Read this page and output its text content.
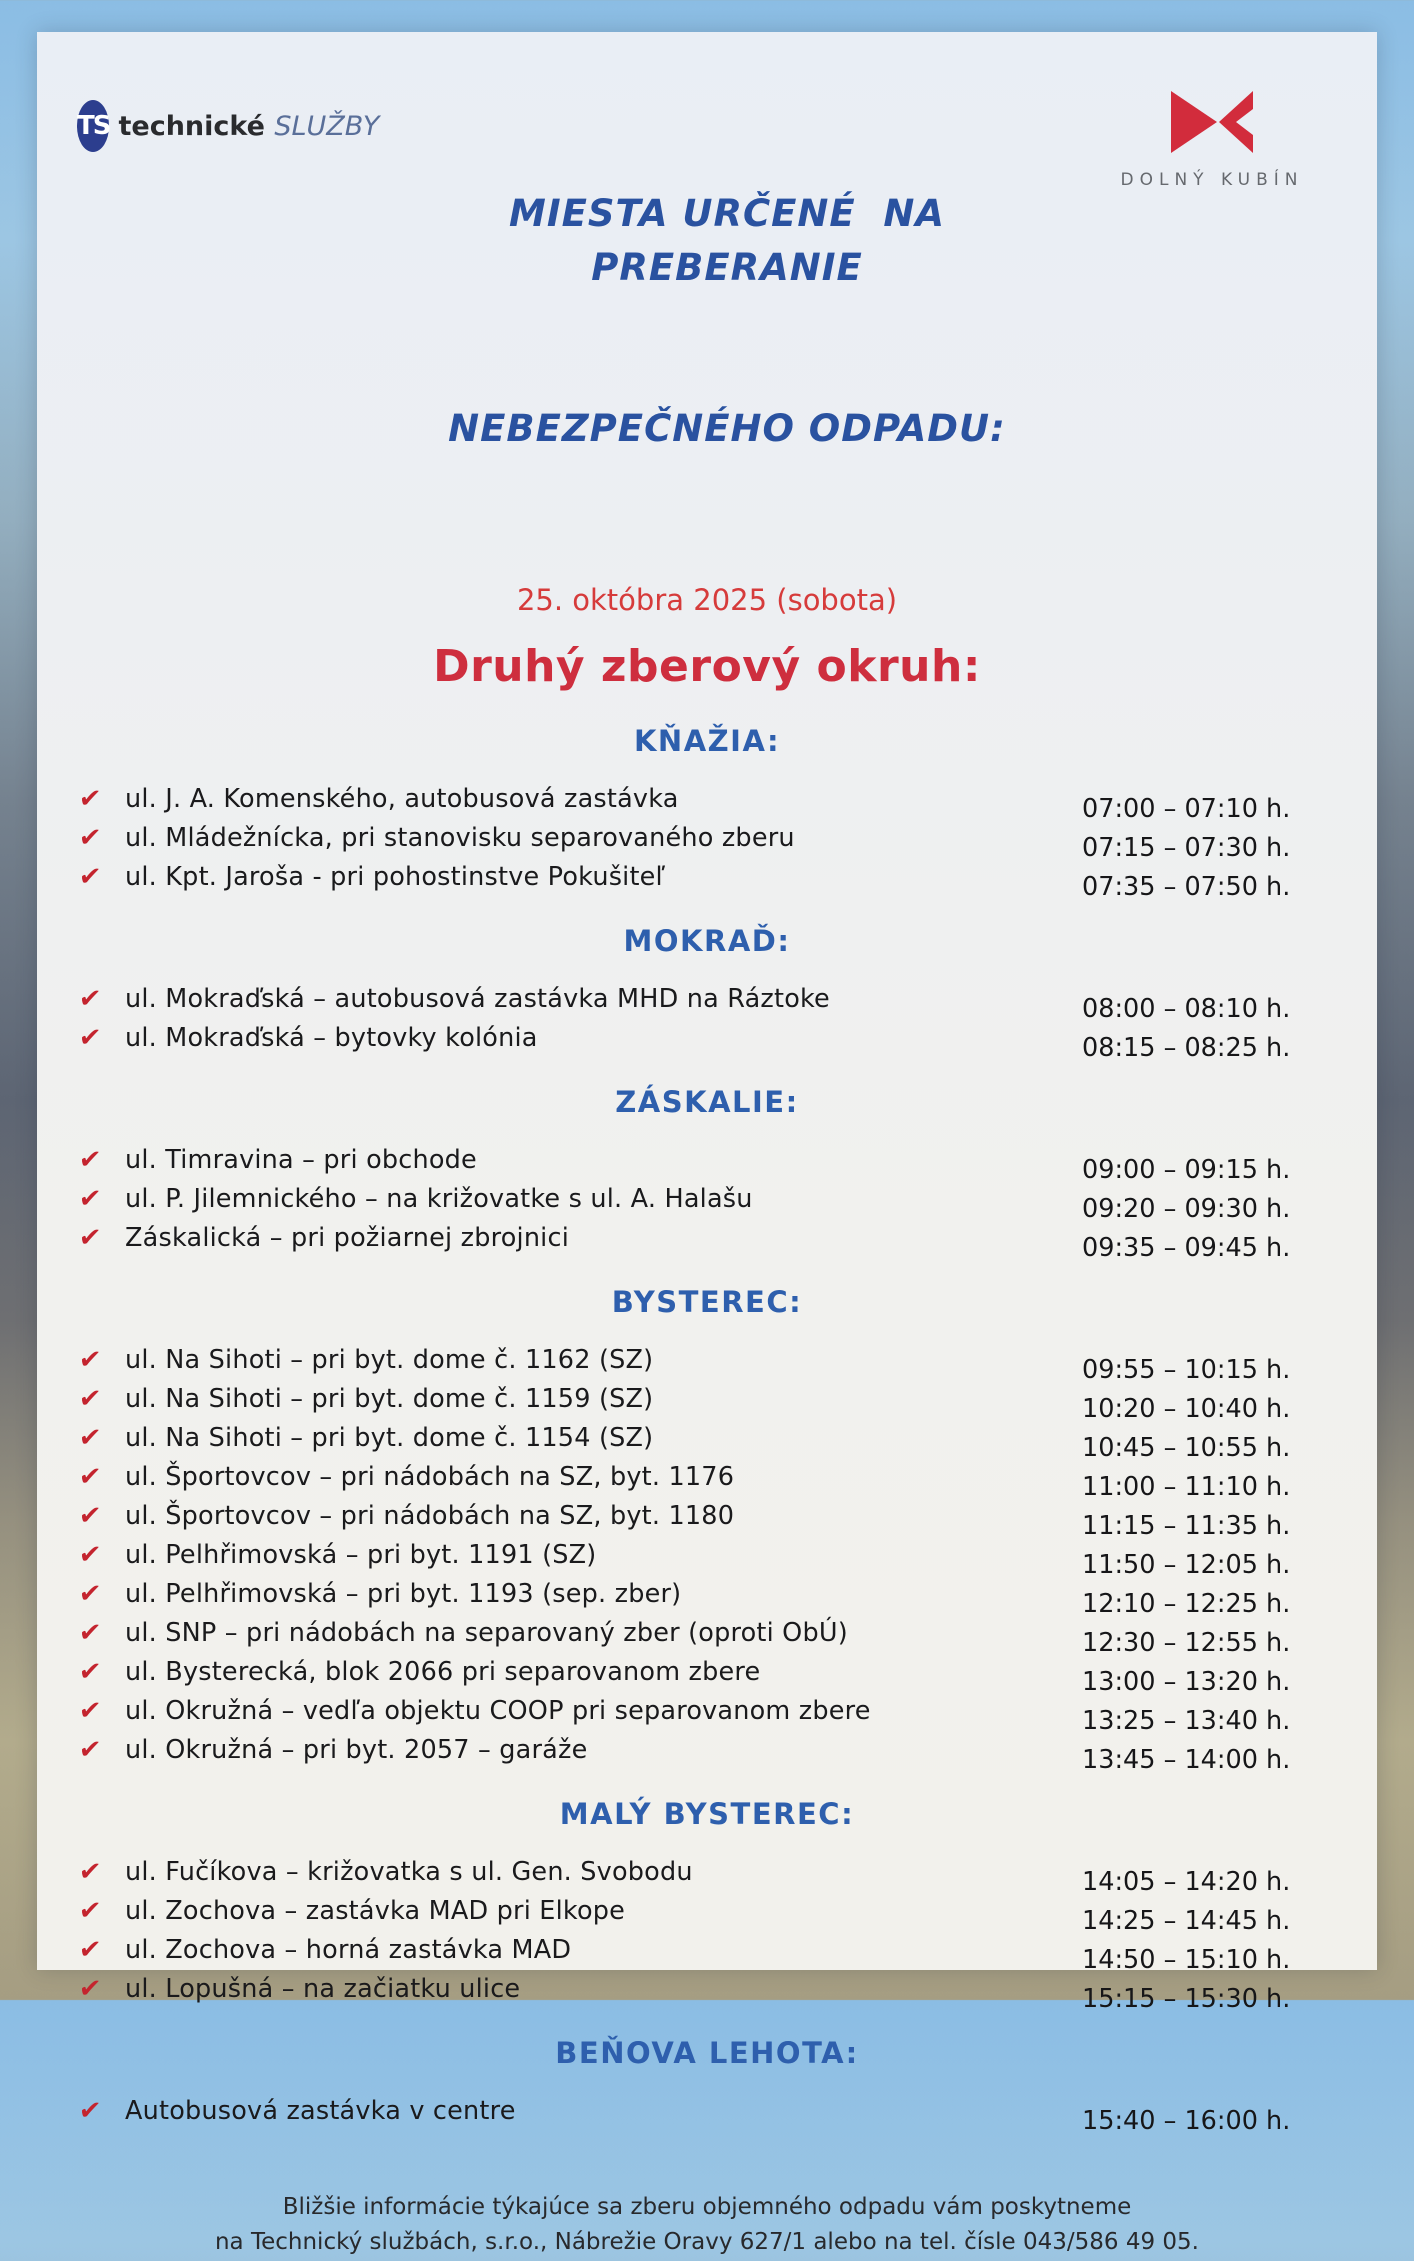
TS technické SLUŽBY

MIESTA URČENÉ  NA PREBERANIE

NEBEZPEČNÉHO ODPADU:

DOLNÝ KUBÍN
25. októbra 2025 (sobota)
Druhý zberový okruh:
KŇAŽIA:
✔ ul. J. A. Komenského, autobusová zastávka	07:00 – 07:10 h.
✔ ul. Mládežnícka, pri stanovisku separovaného zberu	07:15 – 07:30 h.
✔ ul. Kpt. Jaroša - pri pohostinstve Pokušiteľ	07:35 – 07:50 h.
MOKRAĎ:
✔ ul. Mokraďská – autobusová zastávka MHD na Ráztoke	08:00 – 08:10 h.
✔ ul. Mokraďská – bytovky kolónia	08:15 – 08:25 h.
ZÁSKALIE:
✔ ul. Timravina – pri obchode	09:00 – 09:15 h.
✔ ul. P. Jilemnického – na križovatke s ul. A. Halašu	09:20 – 09:30 h.
✔ Záskalická – pri požiarnej zbrojnici	09:35 – 09:45 h.
BYSTEREC:
✔ ul. Na Sihoti – pri byt. dome č. 1162 (SZ)	09:55 – 10:15 h.
✔ ul. Na Sihoti – pri byt. dome č. 1159 (SZ)	10:20 – 10:40 h.
✔ ul. Na Sihoti – pri byt. dome č. 1154 (SZ)	10:45 – 10:55 h.
✔ ul. Športovcov – pri nádobách na SZ, byt. 1176	11:00 – 11:10 h.
✔ ul. Športovcov – pri nádobách na SZ, byt. 1180	11:15 – 11:35 h.
✔ ul. Pelhřimovská – pri byt. 1191 (SZ)	11:50 – 12:05 h.
✔ ul. Pelhřimovská – pri byt. 1193 (sep. zber)	12:10 – 12:25 h.
✔ ul. SNP – pri nádobách na separovaný zber (oproti ObÚ)	12:30 – 12:55 h.
✔ ul. Bysterecká, blok 2066 pri separovanom zbere	13:00 – 13:20 h.
✔ ul. Okružná – vedľa objektu COOP pri separovanom zbere	13:25 – 13:40 h.
✔ ul. Okružná – pri byt. 2057 – garáže	13:45 – 14:00 h.
MALÝ BYSTEREC:
✔ ul. Fučíkova – križovatka s ul. Gen. Svobodu	14:05 – 14:20 h.
✔ ul. Zochova – zastávka MAD pri Elkope	14:25 – 14:45 h.
✔ ul. Zochova – horná zastávka MAD	14:50 – 15:10 h.
✔ ul. Lopušná – na začiatku ulice	15:15 – 15:30 h.
BEŇOVA LEHOTA:
✔ Autobusová zastávka v centre	15:40 – 16:00 h.
Bližšie informácie týkajúce sa zberu objemného odpadu vám poskytneme
na Technický službách, s.r.o., Nábrežie Oravy 627/1 alebo na tel. čísle 043/586 49 05.
